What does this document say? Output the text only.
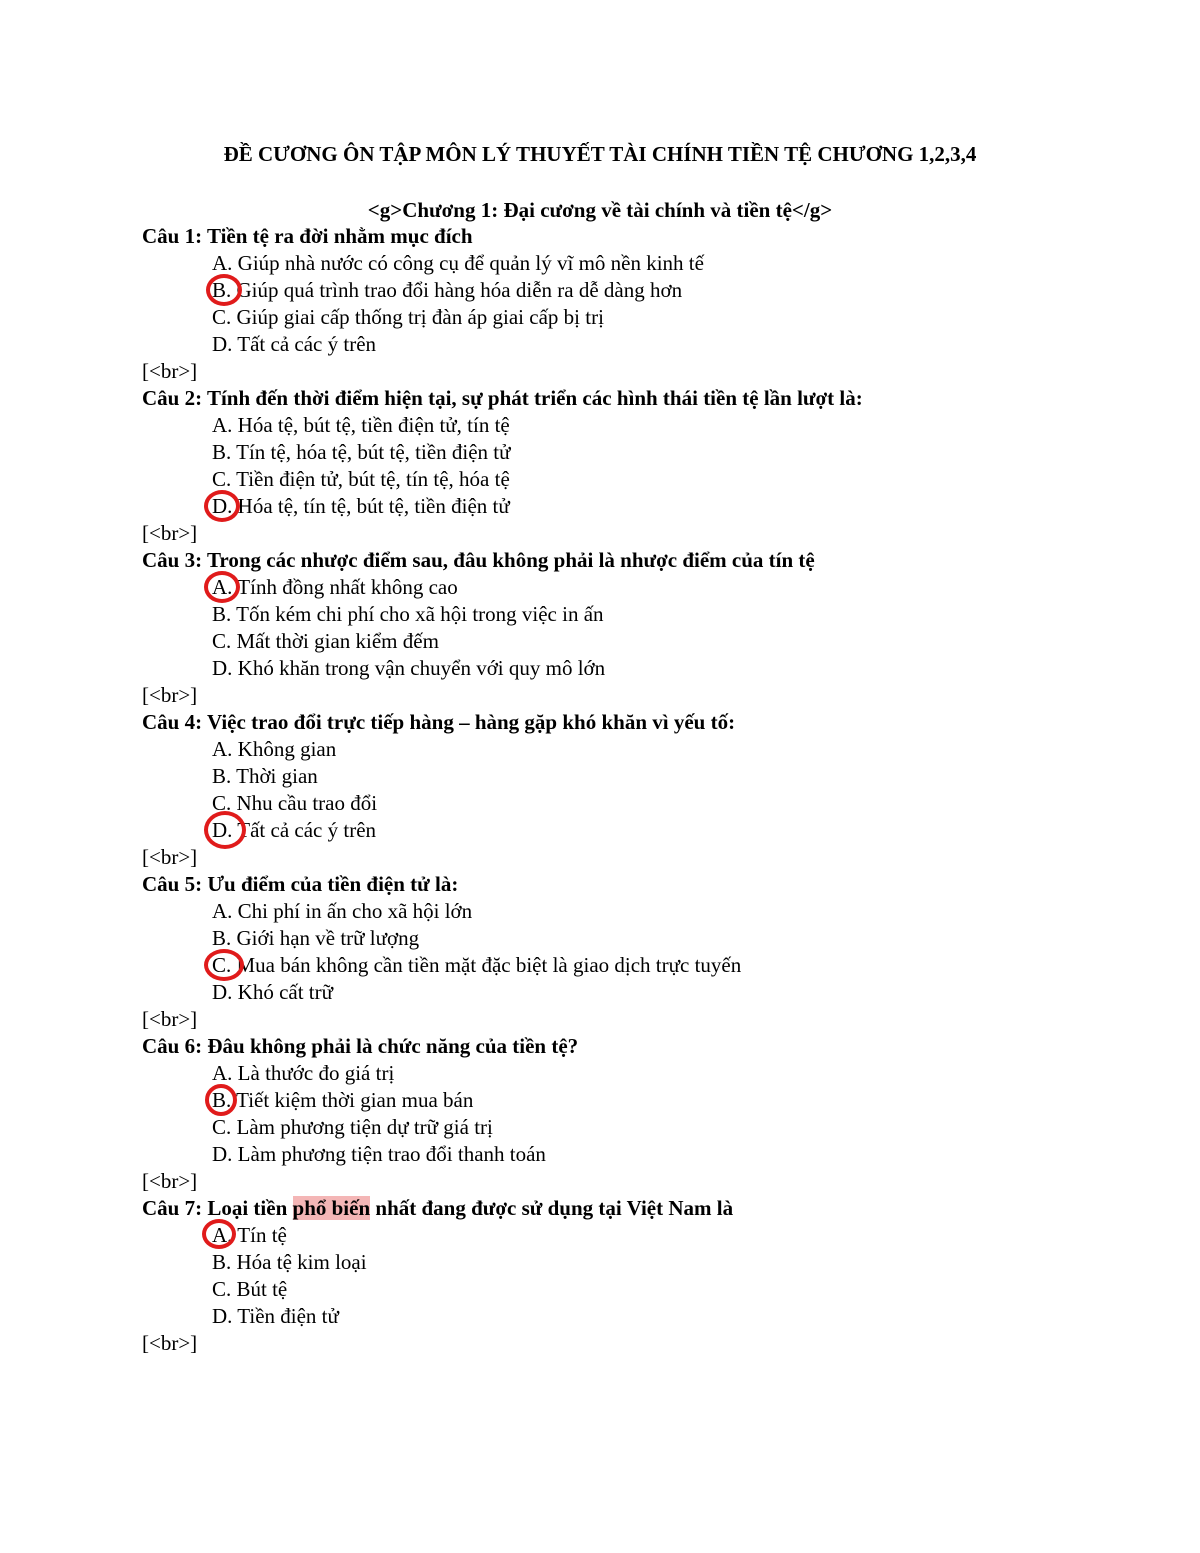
ĐỀ CƯƠNG ÔN TẬP MÔN LÝ THUYẾT TÀI CHÍNH TIỀN TỆ CHƯƠNG 1,2,3,4
<g>Chương 1: Đại cương về tài chính và tiền tệ</g>
Câu 1: Tiền tệ ra đời nhằm mục đích
A. Giúp nhà nước có công cụ để quản lý vĩ mô nền kinh tế
B. Giúp quá trình trao đổi hàng hóa diễn ra dễ dàng hơn
C. Giúp giai cấp thống trị đàn áp giai cấp bị trị
D. Tất cả các ý trên
[<br>]
Câu 2: Tính đến thời điểm hiện tại, sự phát triển các hình thái tiền tệ lần lượt là:
A. Hóa tệ, bút tệ, tiền điện tử, tín tệ
B. Tín tệ, hóa tệ, bút tệ, tiền điện tử
C. Tiền điện tử, bút tệ, tín tệ, hóa tệ
D. Hóa tệ, tín tệ, bút tệ, tiền điện tử
[<br>]
Câu 3: Trong các nhược điểm sau, đâu không phải là nhược điểm của tín tệ
A. Tính đồng nhất không cao
B. Tốn kém chi phí cho xã hội trong việc in ấn
C. Mất thời gian kiểm đếm
D. Khó khăn trong vận chuyển với quy mô lớn
[<br>]
Câu 4: Việc trao đổi trực tiếp hàng – hàng gặp khó khăn vì yếu tố:
A. Không gian
B. Thời gian
C. Nhu cầu trao đổi
D. Tất cả các ý trên
[<br>]
Câu 5: Ưu điểm của tiền điện tử là:
A. Chi phí in ấn cho xã hội lớn
B. Giới hạn về trữ lượng
C. Mua bán không cần tiền mặt đặc biệt là giao dịch trực tuyến
D. Khó cất trữ
[<br>]
Câu 6: Đâu không phải là chức năng của tiền tệ?
A. Là thước đo giá trị
B. Tiết kiệm thời gian mua bán
C. Làm phương tiện dự trữ giá trị
D. Làm phương tiện trao đổi thanh toán
[<br>]
Câu 7: Loại tiền phổ biến nhất đang được sử dụng tại Việt Nam là
A. Tín tệ
B. Hóa tệ kim loại
C. Bút tệ
D. Tiền điện tử
[<br>]
